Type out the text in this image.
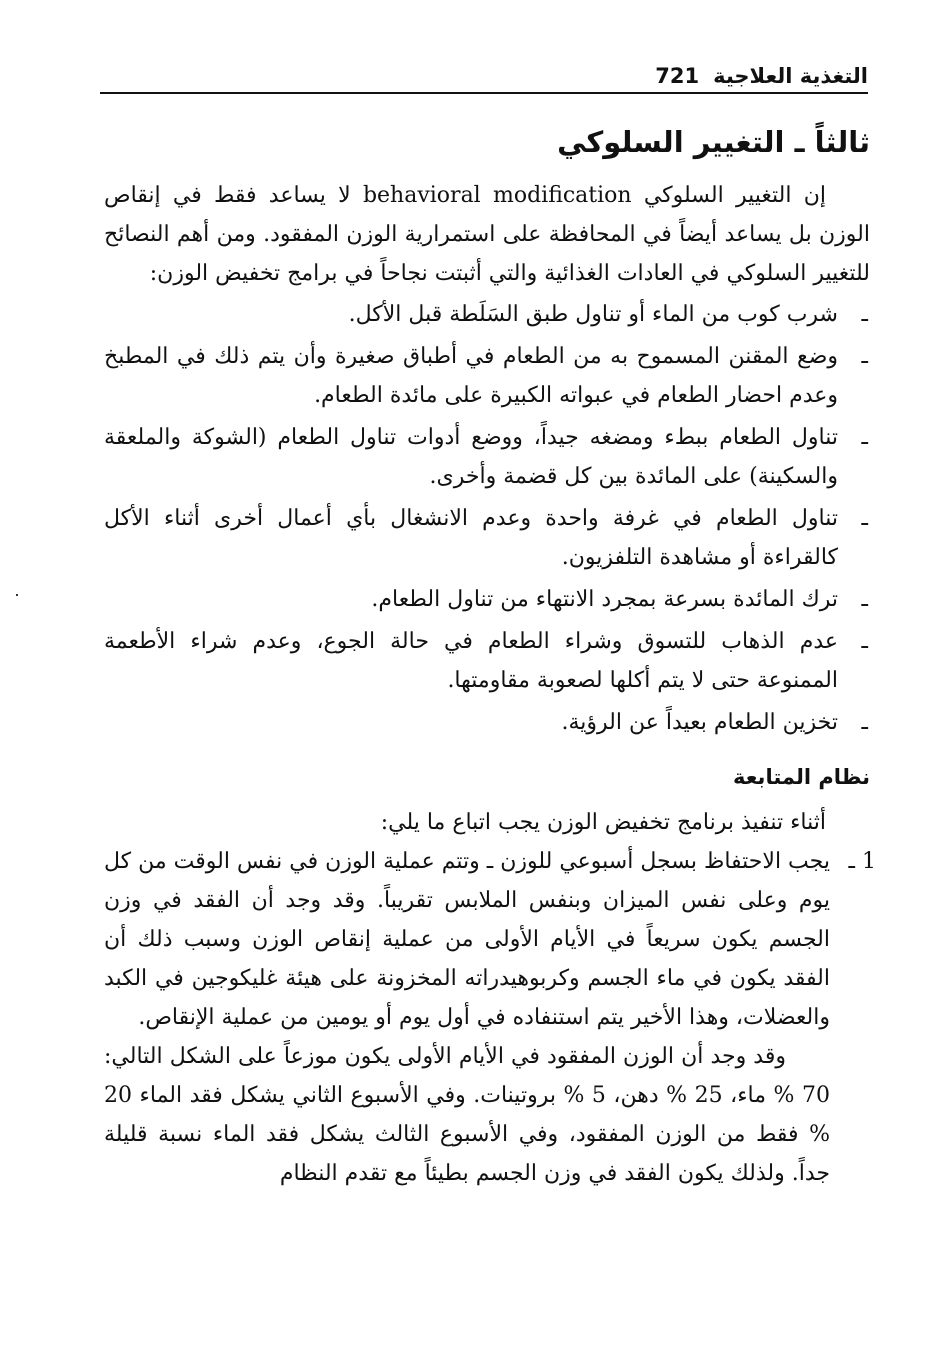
التغذية العلاجية
721
ثالثاً ـ التغيير السلوكي

إن التغيير السلوكي behavioral modification لا يساعد فقط في إنقاص الوزن بل يساعد أيضاً في المحافظة على استمرارية الوزن المفقود. ومن أهم النصائح للتغيير السلوكي في العادات الغذائية والتي أثبتت نجاحاً في برامج تخفيض الوزن:

ـ
شرب كوب من الماء أو تناول طبق السَلَطة قبل الأكل.
ـ
وضع المقنن المسموح به من الطعام في أطباق صغيرة وأن يتم ذلك في المطبخ وعدم احضار الطعام في عبواته الكبيرة على مائدة الطعام.
ـ
تناول الطعام ببطء ومضغه جيداً، ووضع أدوات تناول الطعام (الشوكة والملعقة والسكينة) على المائدة بين كل قضمة وأخرى.
ـ
تناول الطعام في غرفة واحدة وعدم الانشغال بأي أعمال أخرى أثناء الأكل كالقراءة أو مشاهدة التلفزيون.
ـ
ترك المائدة بسرعة بمجرد الانتهاء من تناول الطعام.
ـ
عدم الذهاب للتسوق وشراء الطعام في حالة الجوع، وعدم شراء الأطعمة الممنوعة حتى لا يتم أكلها لصعوبة مقاومتها.
ـ
تخزين الطعام بعيداً عن الرؤية.
نظام المتابعة

أثناء تنفيذ برنامج تخفيض الوزن يجب اتباع ما يلي:

1 ـ
يجب الاحتفاظ بسجل أسبوعي للوزن ـ وتتم عملية الوزن في نفس الوقت من كل يوم وعلى نفس الميزان وبنفس الملابس تقريباً. وقد وجد أن الفقد في وزن الجسم يكون سريعاً في الأيام الأولى من عملية إنقاص الوزن وسبب ذلك أن الفقد يكون في ماء الجسم وكربوهيدراته المخزونة على هيئة غليكوجين في الكبد والعضلات، وهذا الأخير يتم استنفاده في أول يوم أو يومين من عملية الإنقاص.

وقد وجد أن الوزن المفقود في الأيام الأولى يكون موزعاً على الشكل التالي: 70 % ماء، 25 % دهن، 5 % بروتينات. وفي الأسبوع الثاني يشكل فقد الماء 20 % فقط من الوزن المفقود، وفي الأسبوع الثالث يشكل فقد الماء نسبة قليلة جداً. ولذلك يكون الفقد في وزن الجسم بطيئاً مع تقدم النظام
